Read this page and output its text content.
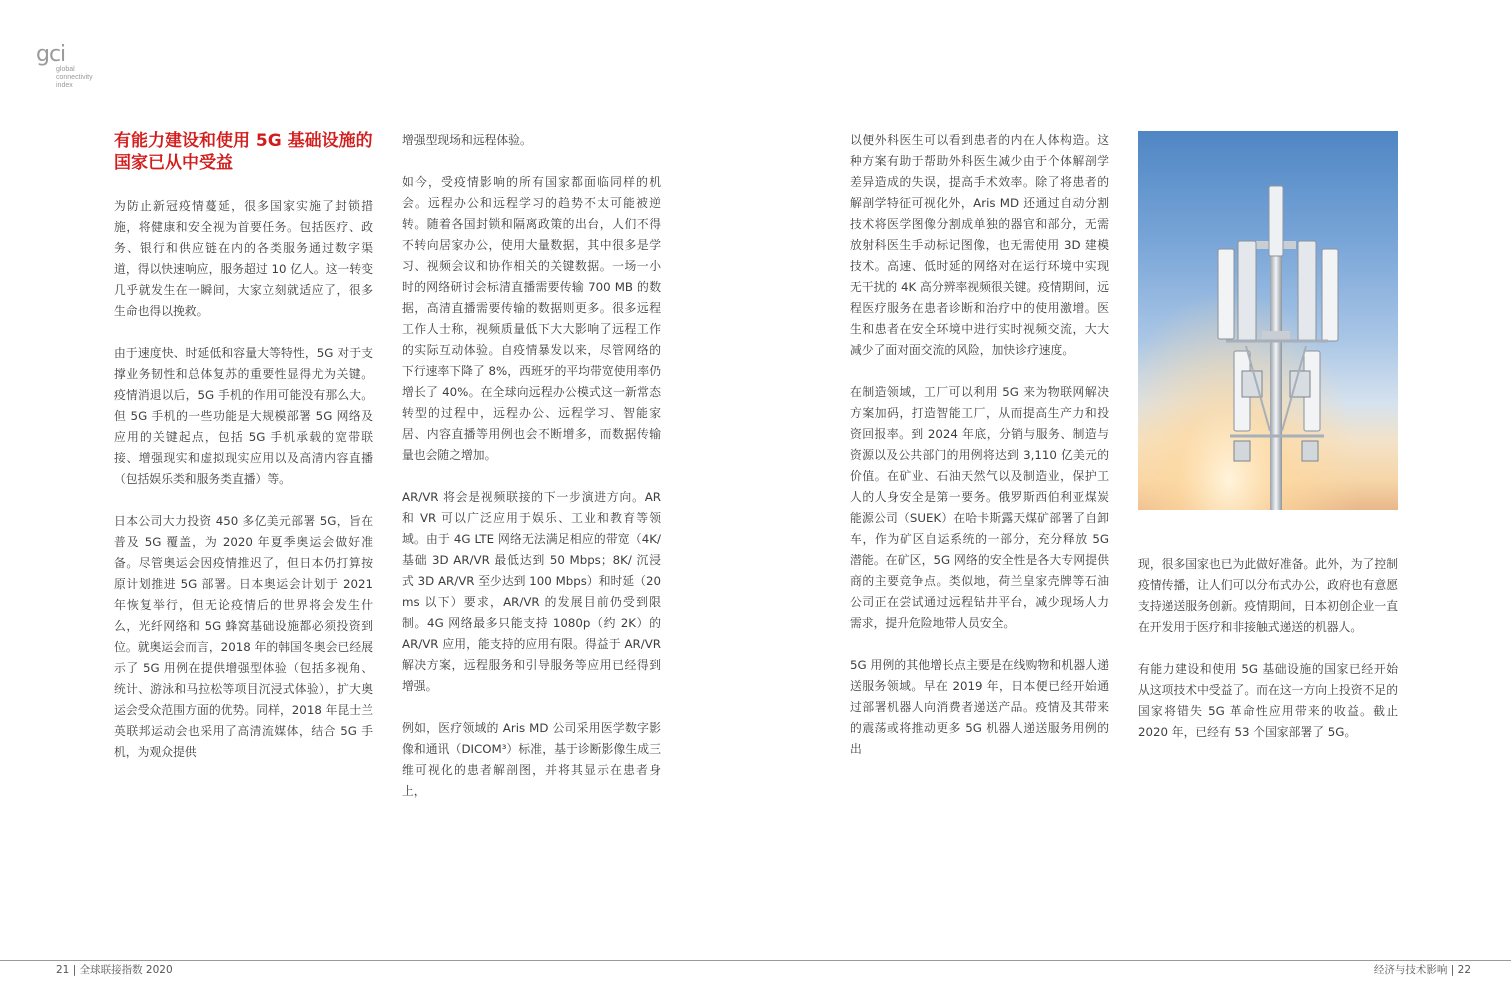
gci
global
connectivity
index
有能力建设和使用 5G 基础设施的国家已从中受益

为防止新冠疫情蔓延，很多国家实施了封锁措施，将健康和安全视为首要任务。包括医疗、政务、银行和供应链在内的各类服务通过数字渠道，得以快速响应，服务超过 10 亿人。这一转变几乎就发生在一瞬间，大家立刻就适应了，很多生命也得以挽救。

由于速度快、时延低和容量大等特性，5G 对于支撑业务韧性和总体复苏的重要性显得尤为关键。疫情消退以后，5G 手机的作用可能没有那么大。但 5G 手机的一些功能是大规模部署 5G 网络及应用的关键起点，包括 5G 手机承载的宽带联接、增强现实和虚拟现实应用以及高清内容直播（包括娱乐类和服务类直播）等。

日本公司大力投资 450 多亿美元部署 5G，旨在普及 5G 覆盖，为 2020 年夏季奥运会做好准备。尽管奥运会因疫情推迟了，但日本仍打算按原计划推进 5G 部署。日本奥运会计划于 2021 年恢复举行，但无论疫情后的世界将会发生什么，光纤网络和 5G 蜂窝基础设施都必须投资到位。就奥运会而言，2018 年的韩国冬奥会已经展示了 5G 用例在提供增强型体验（包括多视角、统计、游泳和马拉松等项目沉浸式体验），扩大奥运会受众范围方面的优势。同样，2018 年昆士兰英联邦运动会也采用了高清流媒体，结合 5G 手机，为观众提供

增强型现场和远程体验。

如今，受疫情影响的所有国家都面临同样的机会。远程办公和远程学习的趋势不太可能被逆转。随着各国封锁和隔离政策的出台，人们不得不转向居家办公，使用大量数据，其中很多是学习、视频会议和协作相关的关键数据。一场一小时的网络研讨会标清直播需要传输 700 MB 的数据，高清直播需要传输的数据则更多。很多远程工作人士称，视频质量低下大大影响了远程工作的实际互动体验。自疫情暴发以来，尽管网络的下行速率下降了 8%，西班牙的平均带宽使用率仍增长了 40%。在全球向远程办公模式这一新常态转型的过程中，远程办公、远程学习、智能家居、内容直播等用例也会不断增多，而数据传输量也会随之增加。

AR/VR 将会是视频联接的下一步演进方向。AR 和 VR 可以广泛应用于娱乐、工业和教育等领域。由于 4G LTE 网络无法满足相应的带宽（4K/ 基础 3D AR/VR 最低达到 50 Mbps；8K/ 沉浸式 3D AR/VR 至少达到 100 Mbps）和时延（20 ms 以下）要求，AR/VR 的发展目前仍受到限制。4G 网络最多只能支持 1080p（约 2K）的 AR/VR 应用，能支持的应用有限。得益于 AR/VR 解决方案，远程服务和引导服务等应用已经得到增强。

例如，医疗领域的 Aris MD 公司采用医学数字影像和通讯（DICOM³）标准，基于诊断影像生成三维可视化的患者解剖图，并将其显示在患者身上，

以便外科医生可以看到患者的内在人体构造。这种方案有助于帮助外科医生减少由于个体解剖学差异造成的失误，提高手术效率。除了将患者的解剖学特征可视化外，Aris MD 还通过自动分割技术将医学图像分割成单独的器官和部分，无需放射科医生手动标记图像，也无需使用 3D 建模技术。高速、低时延的网络对在运行环境中实现无干扰的 4K 高分辨率视频很关键。疫情期间，远程医疗服务在患者诊断和治疗中的使用激增。医生和患者在安全环境中进行实时视频交流，大大减少了面对面交流的风险，加快诊疗速度。

在制造领域，工厂可以利用 5G 来为物联网解决方案加码，打造智能工厂，从而提高生产力和投资回报率。到 2024 年底，分销与服务、制造与资源以及公共部门的用例将达到 3,110 亿美元的价值。在矿业、石油天然气以及制造业，保护工人的人身安全是第一要务。俄罗斯西伯利亚煤炭能源公司（SUEK）在哈卡斯露天煤矿部署了自卸车，作为矿区自运系统的一部分，充分释放 5G 潜能。在矿区，5G 网络的安全性是各大专网提供商的主要竞争点。类似地，荷兰皇家壳牌等石油公司正在尝试通过远程钻井平台，减少现场人力需求，提升危险地带人员安全。

5G 用例的其他增长点主要是在线购物和机器人递送服务领域。早在 2019 年，日本便已经开始通过部署机器人向消费者递送产品。疫情及其带来的震荡或将推动更多 5G 机器人递送服务用例的出

现，很多国家也已为此做好准备。此外，为了控制疫情传播，让人们可以分布式办公，政府也有意愿支持递送服务创新。疫情期间，日本初创企业一直在开发用于医疗和非接触式递送的机器人。

有能力建设和使用 5G 基础设施的国家已经开始从这项技术中受益了。而在这一方向上投资不足的国家将错失 5G 革命性应用带来的收益。截止 2020 年，已经有 53 个国家部署了 5G。

21 | 全球联接指数 2020	经济与技术影响 | 22
